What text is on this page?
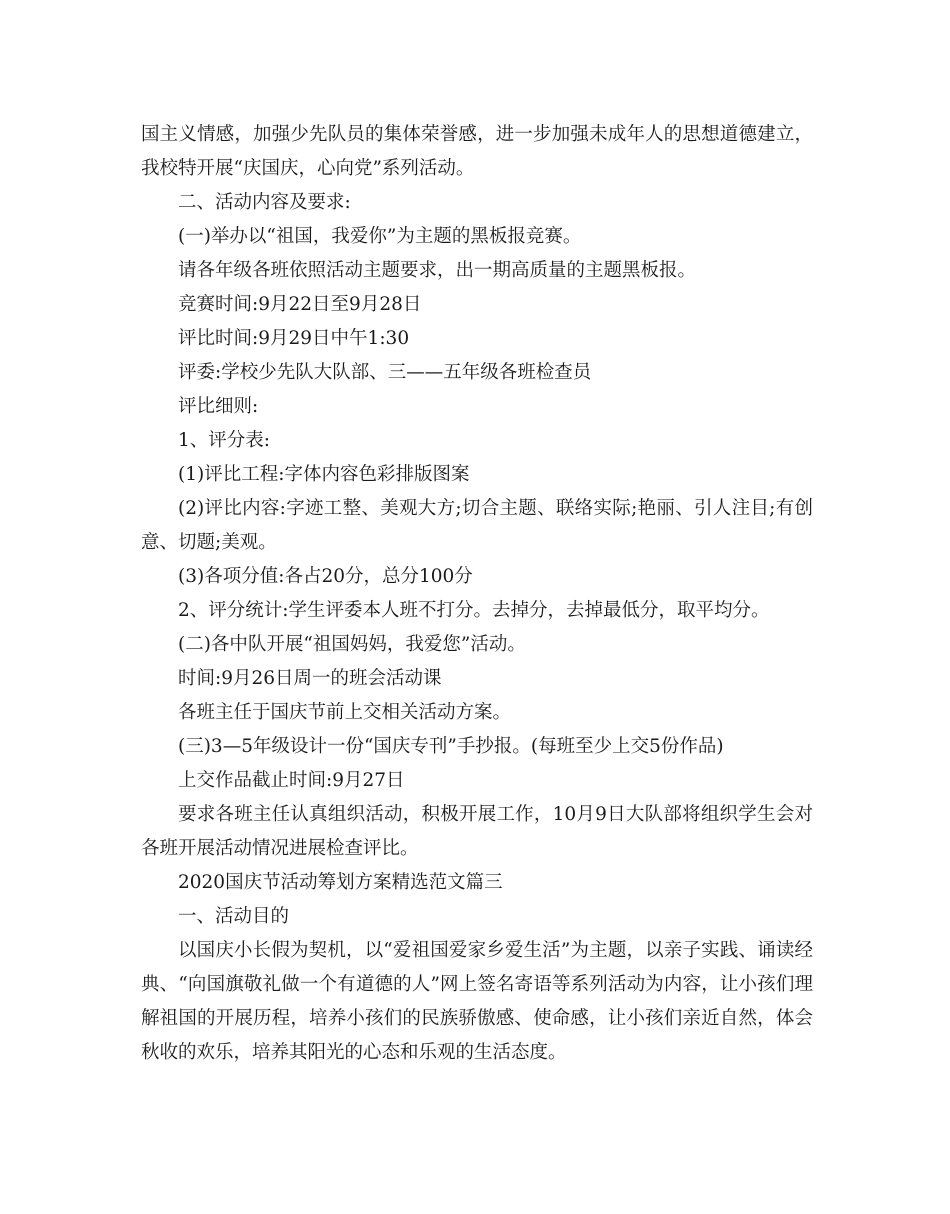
国主义情感，加强少先队员的集体荣誉感，进一步加强未成年人的思想道德建立，我校特开展“庆国庆，心向党”系列活动。

二、活动内容及要求:

(一)举办以“祖国，我爱你”为主题的黑板报竞赛。

请各年级各班依照活动主题要求，出一期高质量的主题黑板报。

竞赛时间:9月22日至9月28日

评比时间:9月29日中午1:30

评委:学校少先队大队部、三——五年级各班检查员

评比细则:

1、评分表:

(1)评比工程:字体内容色彩排版图案

(2)评比内容:字迹工整、美观大方;切合主题、联络实际;艳丽、引人注目;有创意、切题;美观。

(3)各项分值:各占20分，总分100分

2、评分统计:学生评委本人班不打分。去掉分，去掉最低分，取平均分。

(二)各中队开展“祖国妈妈，我爱您”活动。

时间:9月26日周一的班会活动课

各班主任于国庆节前上交相关活动方案。

(三)3—5年级设计一份“国庆专刊”手抄报。(每班至少上交5份作品)

上交作品截止时间:9月27日

要求各班主任认真组织活动，积极开展工作，10月9日大队部将组织学生会对各班开展活动情况进展检查评比。

2020国庆节活动筹划方案精选范文篇三

一、活动目的

以国庆小长假为契机，以“爱祖国爱家乡爱生活”为主题，以亲子实践、诵读经典、“向国旗敬礼做一个有道德的人”网上签名寄语等系列活动为内容，让小孩们理解祖国的开展历程，培养小孩们的民族骄傲感、使命感，让小孩们亲近自然，体会秋收的欢乐，培养其阳光的心态和乐观的生活态度。
